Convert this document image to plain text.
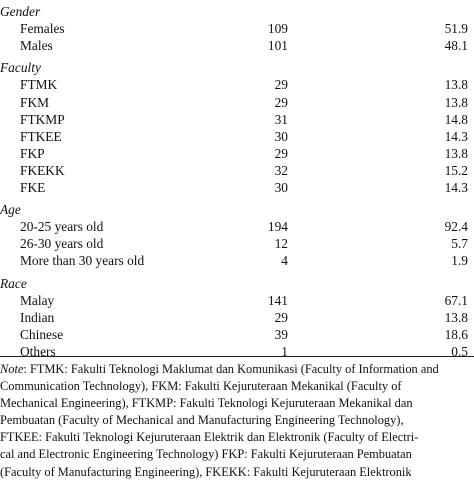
Gender
Females	109	51.9
Males	101	48.1
Faculty
FTMK	29	13.8
FKM	29	13.8
FTKMP	31	14.8
FTKEE	30	14.3
FKP	29	13.8
FKEKK	32	15.2
FKE	30	14.3
Age
20-25 years old	194	92.4
26-30 years old	12	5.7
More than 30 years old	4	1.9
Race
Malay	141	67.1
Indian	29	13.8
Chinese	39	18.6
Others	1	0.5
Note: FTMK: Fakulti Teknologi Maklumat dan Komunikasi (Faculty of Information and
Communication Technology), FKM: Fakulti Kejuruteraan Mekanikal (Faculty of
Mechanical Engineering), FTKMP: Fakulti Teknologi Kejuruteraan Mekanikal dan
Pembuatan (Faculty of Mechanical and Manufacturing Engineering Technology),
FTKEE: Fakulti Teknologi Kejuruteraan Elektrik dan Elektronik (Faculty of Electri-
cal and Electronic Engineering Technology) FKP: Fakulti Kejuruteraan Pembuatan
(Faculty of Manufacturing Engineering), FKEKK: Fakulti Kejuruteraan Elektronik
